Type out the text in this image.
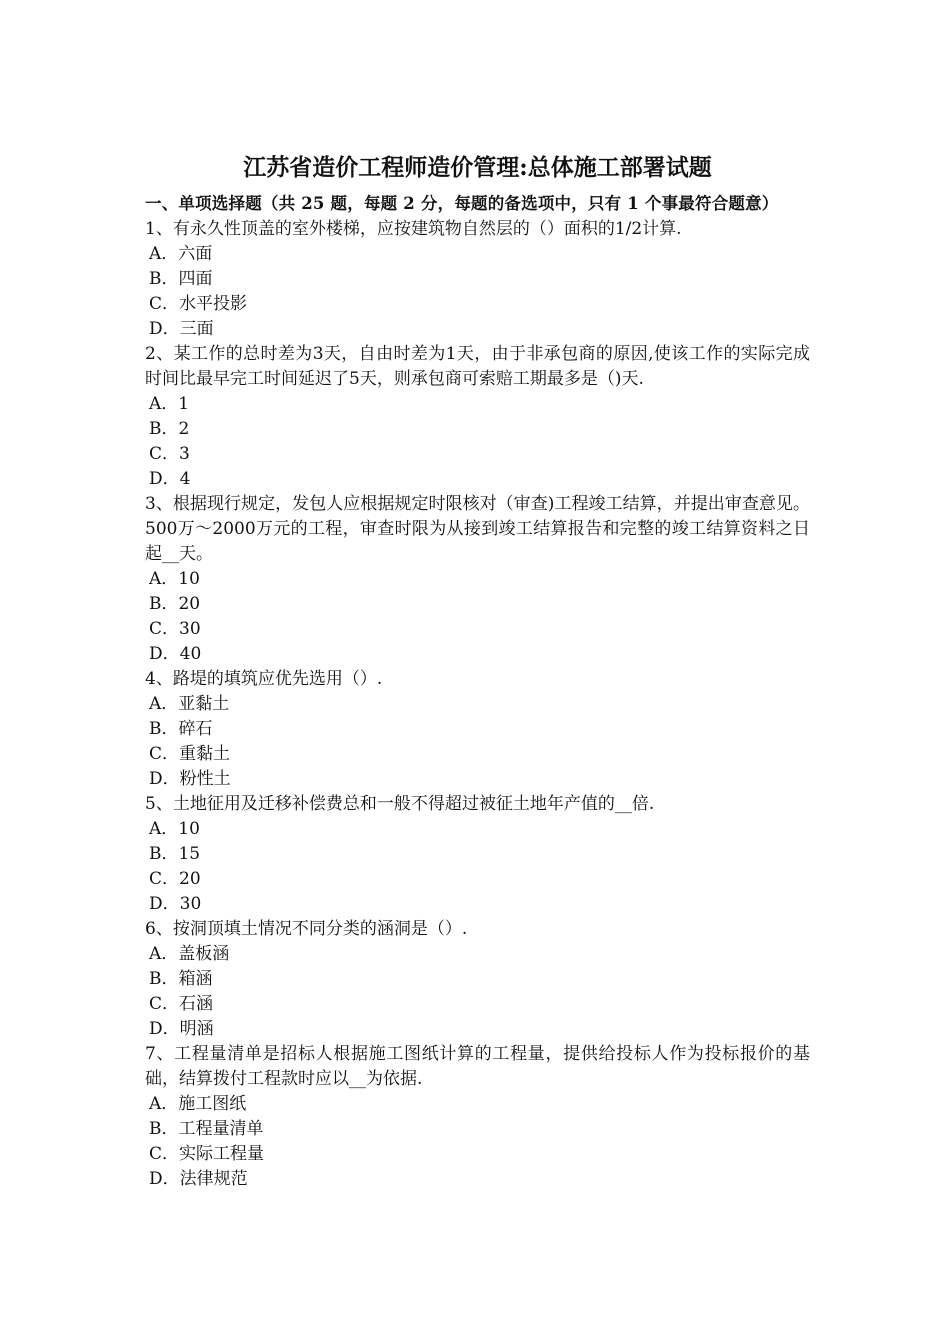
江苏省造价工程师造价管理:总体施工部署试题
一、单项选择题（共 25 题，每题 2 分，每题的备选项中，只有 1 个事最符合题意）
1、有永久性顶盖的室外楼梯，应按建筑物自然层的（）面积的1/2计算.
A．六面
B．四面
C．水平投影
D．三面
2、某工作的总时差为3天，自由时差为1天，由于非承包商的原因,使该工作的实际完成时间比最早完工时间延迟了5天，则承包商可索赔工期最多是（)天.
A．1
B．2
C．3
D．4
3、根据现行规定，发包人应根据规定时限核对（审查)工程竣工结算，并提出审查意见。500万～2000万元的工程，审查时限为从接到竣工结算报告和完整的竣工结算资料之日起__天。
A．10
B．20
C．30
D．40
4、路堤的填筑应优先选用（）.
A．亚黏土
B．碎石
C．重黏土
D．粉性土
5、土地征用及迁移补偿费总和一般不得超过被征土地年产值的__倍.
A．10
B．15
C．20
D．30
6、按洞顶填土情况不同分类的涵洞是（）.
A．盖板涵
B．箱涵
C．石涵
D．明涵
7、工程量清单是招标人根据施工图纸计算的工程量，提供给投标人作为投标报价的基础，结算拨付工程款时应以__为依据.
A．施工图纸
B．工程量清单
C．实际工程量
D．法律规范
